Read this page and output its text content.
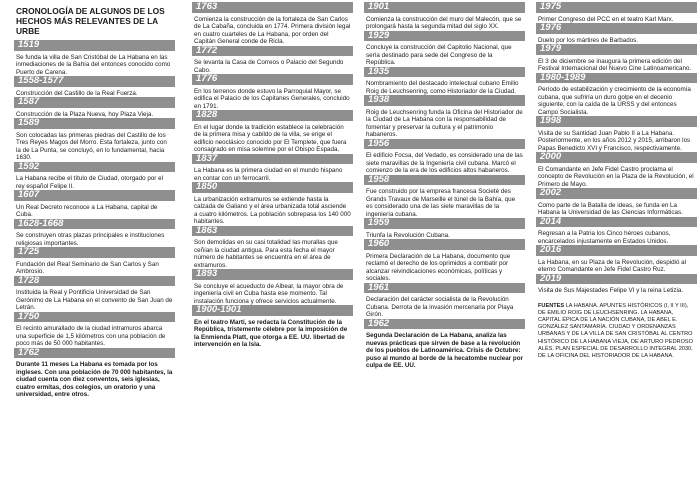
CRONOLOGÍA DE ALGUNOS DE LOS HECHOS MÁS RELEVANTES DE LA URBE
1519
Se funda la villa de San Cristóbal de La Habana en las inmediaciones de la Bahía del entonces conocido como Puerto de Carena.
1558-1577
Construcción del Castillo de la Real Fuerza.
1587
Construcción de la Plaza Nueva, hoy Plaza Vieja.
1589
Son colocadas las primeras piedras del Castillo de los Tres Reyes Magos del Morro. Esta fortaleza, junto con la de La Punta, se concluyó, en lo fundamental, hacia 1630.
1592
La Habana recibe el título de Ciudad, otorgado por el rey español Felipe II.
1607
Un Real Decreto reconoce a La Habana, capital de Cuba.
1628-1668
Se construyen otras plazas principales e instituciones religiosas importantes.
1725
Fundación del Real Seminario de San Carlos y San Ambrosio.
1728
Instituida la Real y Pontificia Universidad de San Gerónimo de La Habana en el convento de San Juan de Letrán.
1750
El recinto amurallado de la ciudad intramuros abarca una superficie de 1,5 kilómetros con una población de poco más de 50 000 habitantes.
1762
Durante 11 meses La Habana es tomada por los ingleses. Con una población de 70 000 habitantes, la ciudad cuenta con diez conventos, seis iglesias, cuatro ermitas, dos colegios, un oratorio y una universidad, entre otros.
1763
Comienza la construcción de la fortaleza de San Carlos de La Cabaña, concluida en 1774. Primera división legal en cuatro cuarteles de La Habana, por orden del Capitán General conde de Ricla.
1772
Se levanta la Casa de Correos o Palacio del Segundo Cabo.
1776
En los terrenos donde estuvo la Parroquial Mayor, se edifica el Palacio de los Capitanes Generales, concluido en 1791.
1828
En el lugar donde la tradición establece la celebración de la primera misa y cabildo de la villa, se erige el edificio neoclásico conocido por El Templete, que fuera consagrado en misa solemne por el Obispo Espada.
1837
La Habana es la primera ciudad en el mundo hispano en contar con un ferrocarril.
1850
La urbanización extramuros se extiende hasta la calzada de Galiano y el área urbanizada total asciende a cuatro kilómetros. La población sobrepasa los 140 000 habitantes.
1863
Son demolidas en su casi totalidad las murallas que ceñían la ciudad antigua. Para esta fecha el mayor número de habitantes se encuentra en el área de extramuros.
1893
Se concluye el acueducto de Albear, la mayor obra de ingeniería civil en Cuba hasta ese momento. Tal instalación funciona y ofrece servicios actualmente.
1900-1901
En el teatro Martí, se redacta la Constitución de la República, tristemente célebre por la imposición de la Enmienda Platt, que otorga a EE. UU. libertad de intervención en la Isla.
1901
Comienza la construcción del muro del Malecón, que se prolongará hasta la segunda mitad del siglo XX.
1929
Concluye la construcción del Capitolio Nacional, que sería destinado para sede del Congreso de la República.
1935
Nombramiento del destacado intelectual cubano Emilio Roig de Leuchsenring, como Historiador de la Ciudad.
1938
Roig de Leuchsenring funda la Oficina del Historiador de la Ciudad de La Habana con la responsabilidad de fomentar y preservar la cultura y el patrimonio habaneros.
1956
El edificio Focsa, del Vedado, es considerado una de las siete maravillas de la Ingeniería civil cubana. Marcó el comienzo de la era de los edificios altos habaneros.
1958
Fue construido por la empresa francesa Societé des Grands Travaux de Marseille el túnel de la Bahía, que es considerado una de las siete maravillas de la ingeniería cubana.
1959
Triunfa la Revolución Cubana.
1960
Primera Declaración de La Habana, documento que reclamó el derecho de los oprimidos a combatir por alcanzar reivindicaciones económicas, políticas y sociales.
1961
Declaración del carácter socialista de la Revolución Cubana. Derrota de la invasión mercenaria por Playa Girón.
1962
Segunda Declaración de La Habana, analiza las nuevas prácticas que sirven de base a la revolución de los pueblos de Latinoamérica. Crisis de Octubre: puso al mundo al borde de la hecatombe nuclear por culpa de EE. UU.
1975
Primer Congreso del PCC en el teatro Karl Marx.
1976
Duelo por los mártires de Barbados.
1979
El 3 de diciembre se inaugura la primera edición del Festival Internacional del Nuevo Cine Latinoamericano.
1980-1989
Período de estabilización y crecimiento de la economía cubana, que sufriría un duro golpe en el decenio siguiente, con la caída de la URSS y del entonces Campo Socialista.
1998
Visita de su Santidad Juan Pablo II a La Habana. Posteriormente, en los años 2012 y 2015, arribaron los Papas Benedicto XVI y Francisco, respectivamente.
2000
El Comandante en Jefe Fidel Castro proclama el concepto de Revolución en la Plaza de la Revolución, el Primero de Mayo.
2002
Como parte de la Batalla de ideas, se funda en La Habana la Universidad de las Ciencias Informáticas.
2014
Regresan a la Patria los Cinco héroes cubanos, encarcelados injustamente en Estados Unidos.
2016
La Habana, en su Plaza de la Revolución, despidió al eterno Comandante en Jefe Fidel Castro Ruz.
2019
Visita de Sus Majestades Felipe VI y la reina Letizia.
FUENTES LA HABANA. APUNTES HISTÓRICOS (I, II Y III), DE EMILIO ROIG DE LEUCHSENRING. LA HABANA, CAPITAL ÉPICA DE LA NACIÓN CUBANA, DE ABEL E. GONZÁLEZ SANTAMARÍA. CIUDAD Y ORDENANZAS URBANAS Y DE LA VILLA DE SAN CRISTÓBAL AL CENTRO HISTÓRICO DE LA HABANA VIEJA, DE ARTURO PEDROSO ALÉS. PLAN ESPECIAL DE DESARROLLO INTEGRAL 2030, DE LA OFICINA DEL HISTORIADOR DE LA HABANA.
